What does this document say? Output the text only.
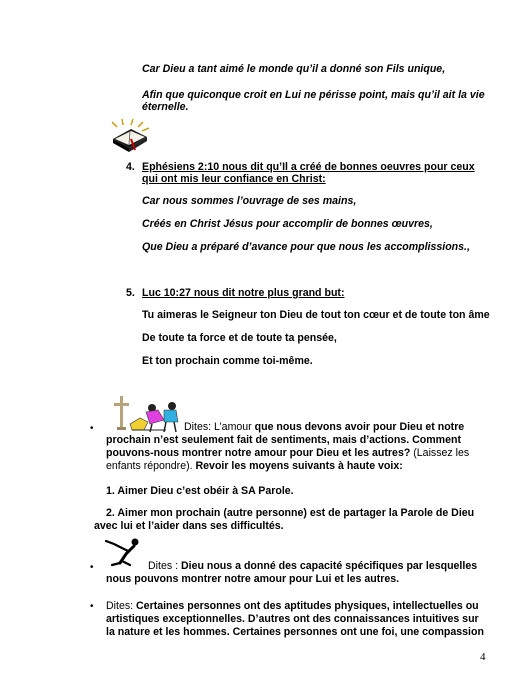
Car Dieu a tant aimé le monde qu’il a donné son Fils unique,
Afin que quiconque croit en Lui ne périsse point, mais qu’il ait la vie
éternelle.
4. Ephésiens 2:10 nous dit qu’Il a créé de bonnes oeuvres pour ceux
qui ont mis leur confiance en Christ:
Car nous sommes l’ouvrage de ses mains,
Créés en Christ Jésus pour accomplir de bonnes œuvres,
Que Dieu a préparé d’avance pour que nous les accomplissions.,
5. Luc 10:27 nous dit notre plus grand but:
Tu aimeras le Seigneur ton Dieu de tout ton cœur et de toute ton âme
De toute ta force et de toute ta pensée,
Et ton prochain comme toi-même.
•	Dites: L’amour que nous devons avoir pour Dieu et notre
prochain n’est seulement fait de sentiments, mais d’actions. Comment
pouvons-nous montrer notre amour pour Dieu et les autres? (Laissez les
enfants répondre). Revoir les moyens suivants à haute voix:
1. Aimer Dieu c’est obéir à SA Parole.
2. Aimer mon prochain (autre personne) est de partager la Parole de Dieu
avec lui et l’aider dans ses difficultés.
•	Dites : Dieu nous a donné des capacité spécifiques par lesquelles
nous pouvons montrer notre amour pour Lui et les autres.
• Dites: Certaines personnes ont des aptitudes physiques, intellectuelles ou
artistiques exceptionnelles. D’autres ont des connaissances intuitives sur
la nature et les hommes. Certaines personnes ont une foi, une compassion
4
